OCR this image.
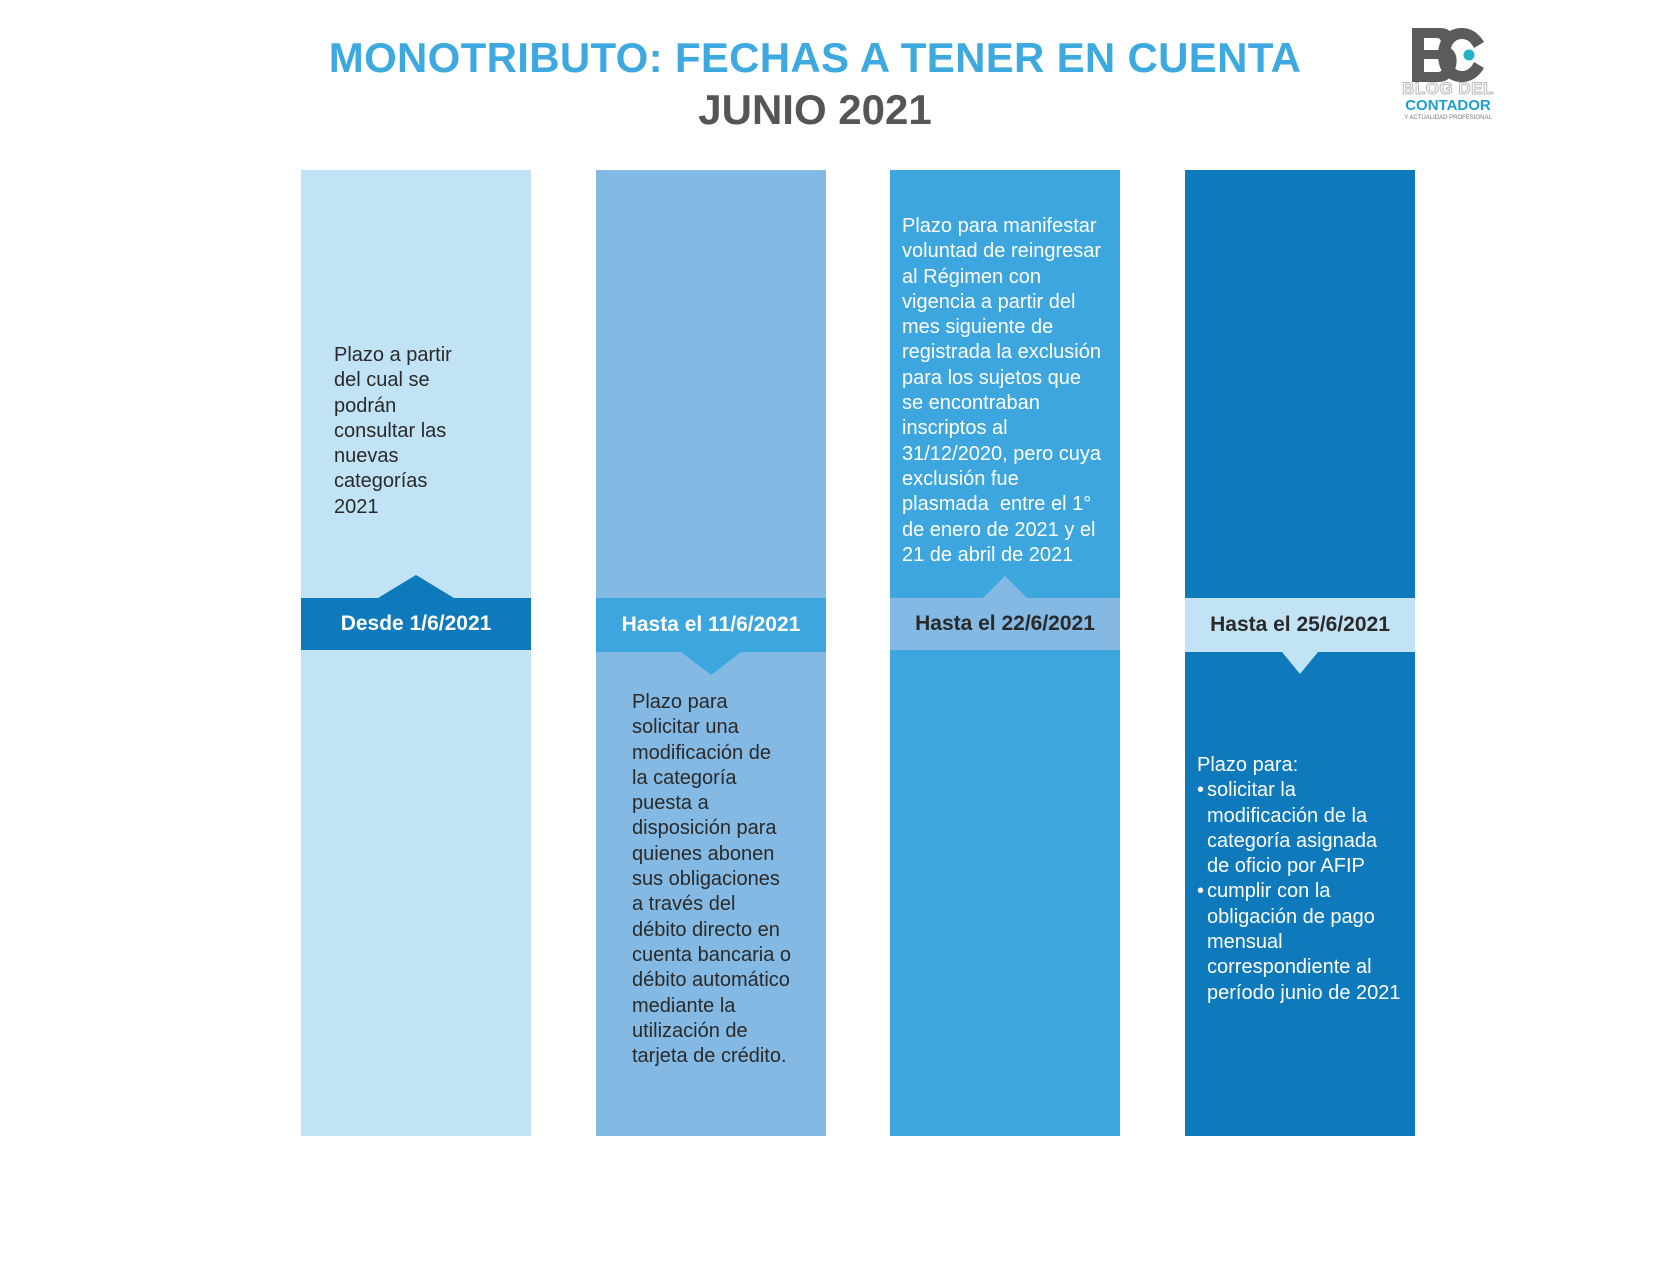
MONOTRIBUTO: FECHAS A TENER EN CUENTA
JUNIO 2021	BLOG DEL
CONTADOR
Y ACTUALIDAD PROFESIONAL
Plazo a partir
del cual se
podrán
consultar las
nuevas
categorías
2021
Desde 1/6/2021	Hasta el 11/6/2021
Plazo para
solicitar una
modificación de
la categoría
puesta a
disposición para
quienes abonen
sus obligaciones
a través del
débito directo en
cuenta bancaria o
débito automático
mediante la
utilización de
tarjeta de crédito.
Plazo para manifestar
voluntad de reingresar
al Régimen con
vigencia a partir del
mes siguiente de
registrada la exclusión
para los sujetos que
se encontraban
inscriptos al
31/12/2020, pero cuya
exclusión fue
plasmada  entre el 1°
de enero de 2021 y el
21 de abril de 2021
Hasta el 22/6/2021	Hasta el 25/6/2021
Plazo para:
• solicitar la
modificación de la
categoría asignada
de oficio por AFIP
• cumplir con la
obligación de pago
mensual
correspondiente al
período junio de 2021
